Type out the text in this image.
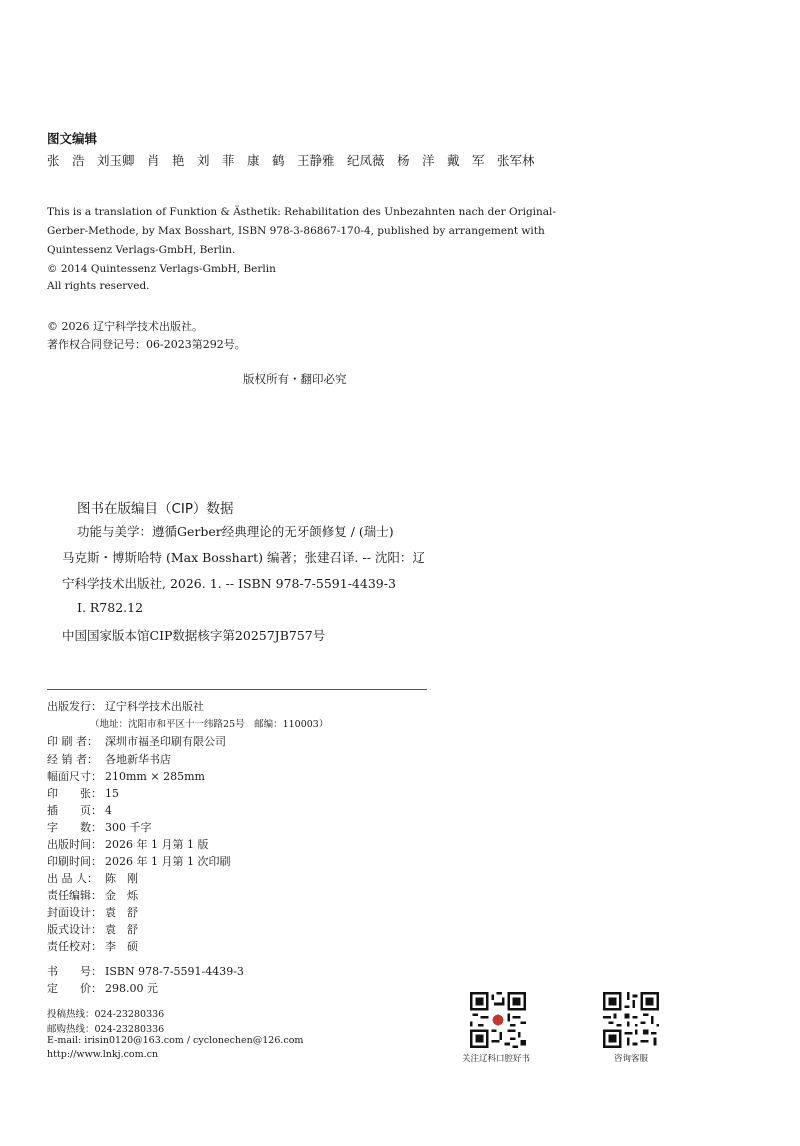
图文编辑
张　浩　刘玉卿　肖　艳　刘　菲　康　鹤　王静雅　纪凤薇　杨　洋　戴　军　张军林
This is a translation of Funktion & Ästhetik: Rehabilitation des Unbezahnten nach der Original-
Gerber-Methode, by Max Bosshart, ISBN 978-3-86867-170-4, published by arrangement with
Quintessenz Verlags-GmbH, Berlin.
© 2014 Quintessenz Verlags-GmbH, Berlin
All rights reserved.
© 2026 辽宁科学技术出版社。
著作权合同登记号：06-2023第292号。
版权所有・翻印必究
图书在版编目（CIP）数据
功能与美学：遵循Gerber经典理论的无牙颌修复 / (瑞士)
马克斯・博斯哈特 (Max Bosshart) 编著；张建召译. -- 沈阳：辽
宁科学技术出版社, 2026. 1. -- ISBN 978-7-5591-4439-3
Ⅰ. R782.12
中国国家版本馆CIP数据核字第20257JB757号
出版发行： 辽宁科学技术出版社
（地址：沈阳市和平区十一纬路25号　邮编：110003）
印 刷 者： 深圳市福圣印刷有限公司
经 销 者： 各地新华书店
幅面尺寸： 210mm × 285mm
印　　张： 15
插　　页： 4
字　　数： 300 千字
出版时间： 2026 年 1 月第 1 版
印刷时间： 2026 年 1 月第 1 次印刷
出 品 人： 陈　刚
责任编辑： 金　烁
封面设计： 袁　舒
版式设计： 袁　舒
责任校对： 李　硕
书　　号： ISBN 978-7-5591-4439-3
定　　价： 298.00 元
投稿热线：024-23280336
邮购热线：024-23280336
E-mail: irisin0120@163.com / cyclonechen@126.com
http://www.lnkj.com.cn	关注辽科口腔好书	咨询客服
